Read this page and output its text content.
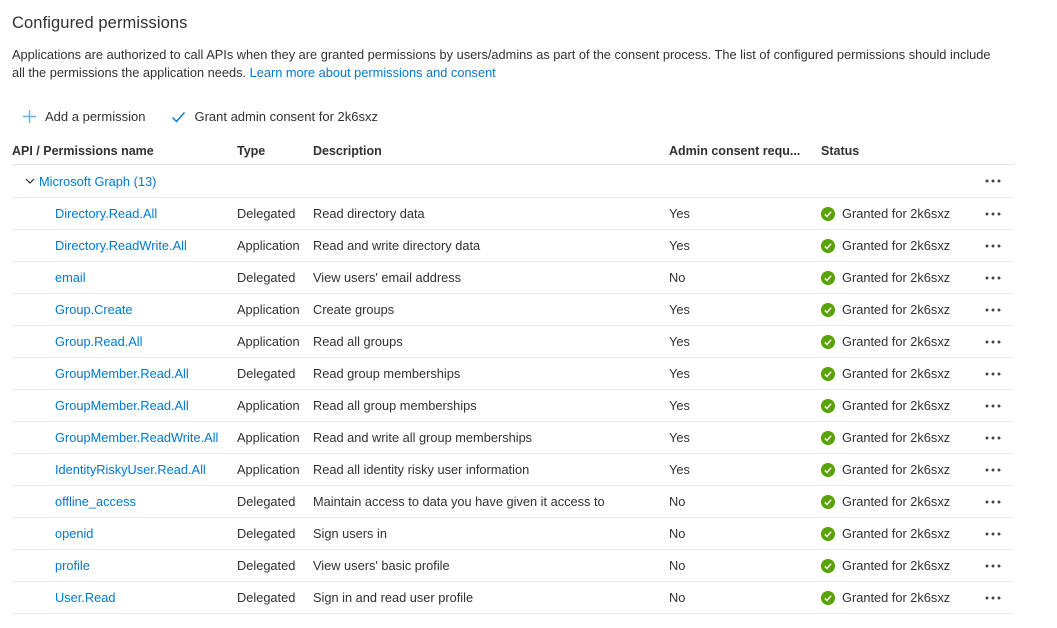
Configured permissions

Applications are authorized to call APIs when they are granted permissions by users/admins as part of the consent process. The list of configured permissions should include all the permissions the application needs. Learn more about permissions and consent

Add a permission	Grant admin consent for 2k6sxz
API / Permissions name	Type	Description	Admin consent requ...	Status
Microsoft Graph (13)
Directory.Read.All	Delegated	Read directory data	Yes	Granted for 2k6sxz
Directory.ReadWrite.All	Application	Read and write directory data	Yes	Granted for 2k6sxz
email	Delegated	View users' email address	No	Granted for 2k6sxz
Group.Create	Application	Create groups	Yes	Granted for 2k6sxz
Group.Read.All	Application	Read all groups	Yes	Granted for 2k6sxz
GroupMember.Read.All	Delegated	Read group memberships	Yes	Granted for 2k6sxz
GroupMember.Read.All	Application	Read all group memberships	Yes	Granted for 2k6sxz
GroupMember.ReadWrite.All	Application	Read and write all group memberships	Yes	Granted for 2k6sxz
IdentityRiskyUser.Read.All	Application	Read all identity risky user information	Yes	Granted for 2k6sxz
offline_access	Delegated	Maintain access to data you have given it access to	No	Granted for 2k6sxz
openid	Delegated	Sign users in	No	Granted for 2k6sxz
profile	Delegated	View users' basic profile	No	Granted for 2k6sxz
User.Read	Delegated	Sign in and read user profile	No	Granted for 2k6sxz
